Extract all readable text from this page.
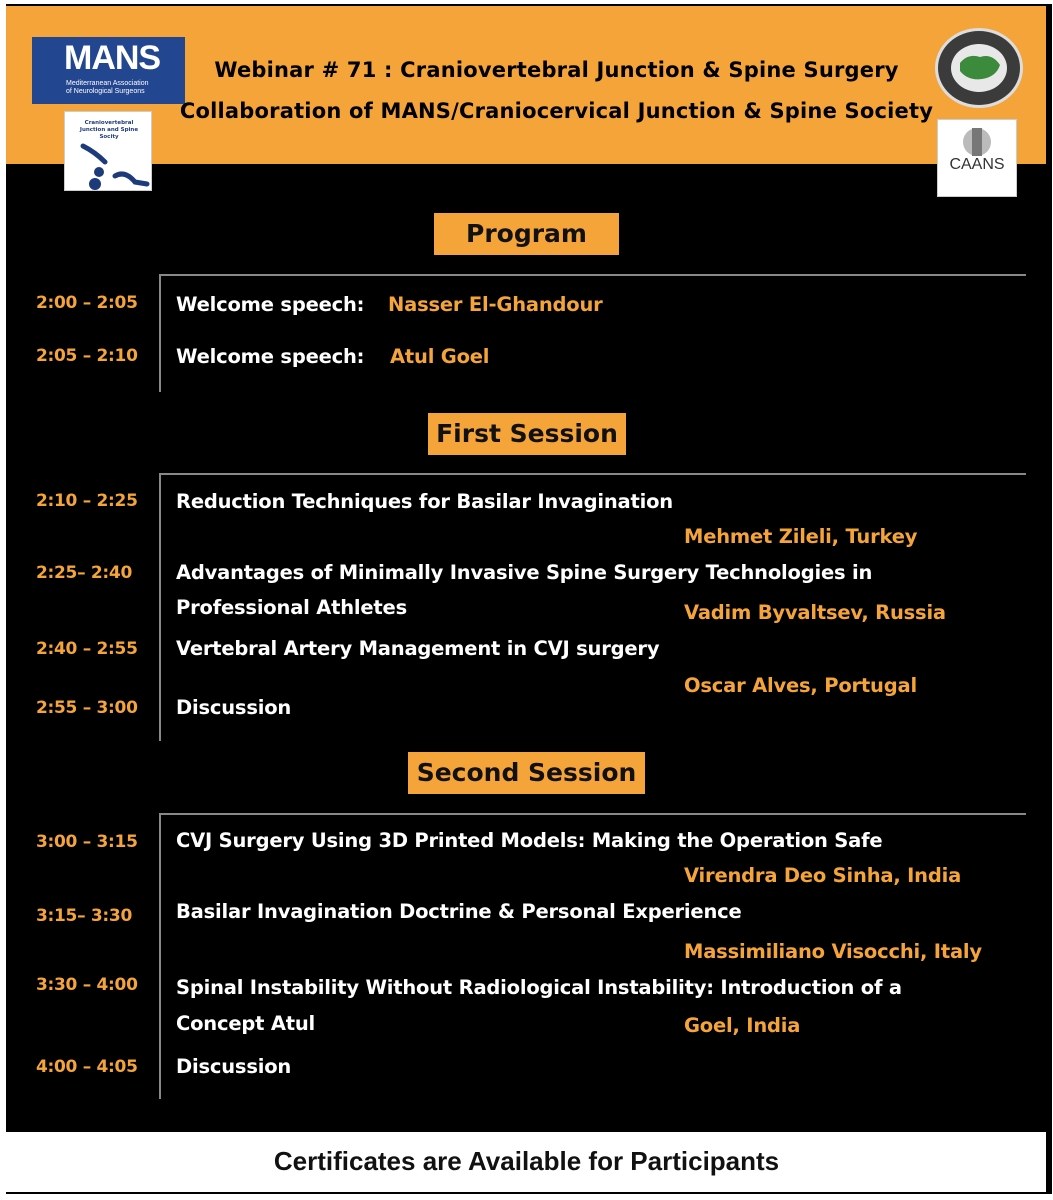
MANS
Mediterranean Association
of Neurological Surgeons
Craniovertebral
Junction and Spine
Socity
Webinar # 71 : Craniovertebral Junction & Spine Surgery
Collaboration of MANS/Craniocervical Junction & Spine Society
CAANS
Program
2:00 – 2:05 Welcome speech: Nasser El-Ghandour
2:05 – 2:10 Welcome speech: Atul Goel
First Session
2:10 – 2:25 Reduction Techniques for Basilar Invagination
Mehmet Zileli, Turkey
2:25– 2:40 Advantages of Minimally Invasive Spine Surgery Technologies in
Professional Athletes	Vadim Byvaltsev, Russia
2:40 – 2:55 Vertebral Artery Management in CVJ surgery
Oscar Alves, Portugal
2:55 – 3:00 Discussion
Second Session
3:00 – 3:15 CVJ Surgery Using 3D Printed Models: Making the Operation Safe
Virendra Deo Sinha, India
3:15– 3:30 Basilar Invagination Doctrine & Personal Experience
Massimiliano Visocchi, Italy
3:30 – 4:00 Spinal Instability Without Radiological Instability: Introduction of a
Concept Atul	Goel, India
4:00 – 4:05 Discussion
Certificates are Available for Participants
